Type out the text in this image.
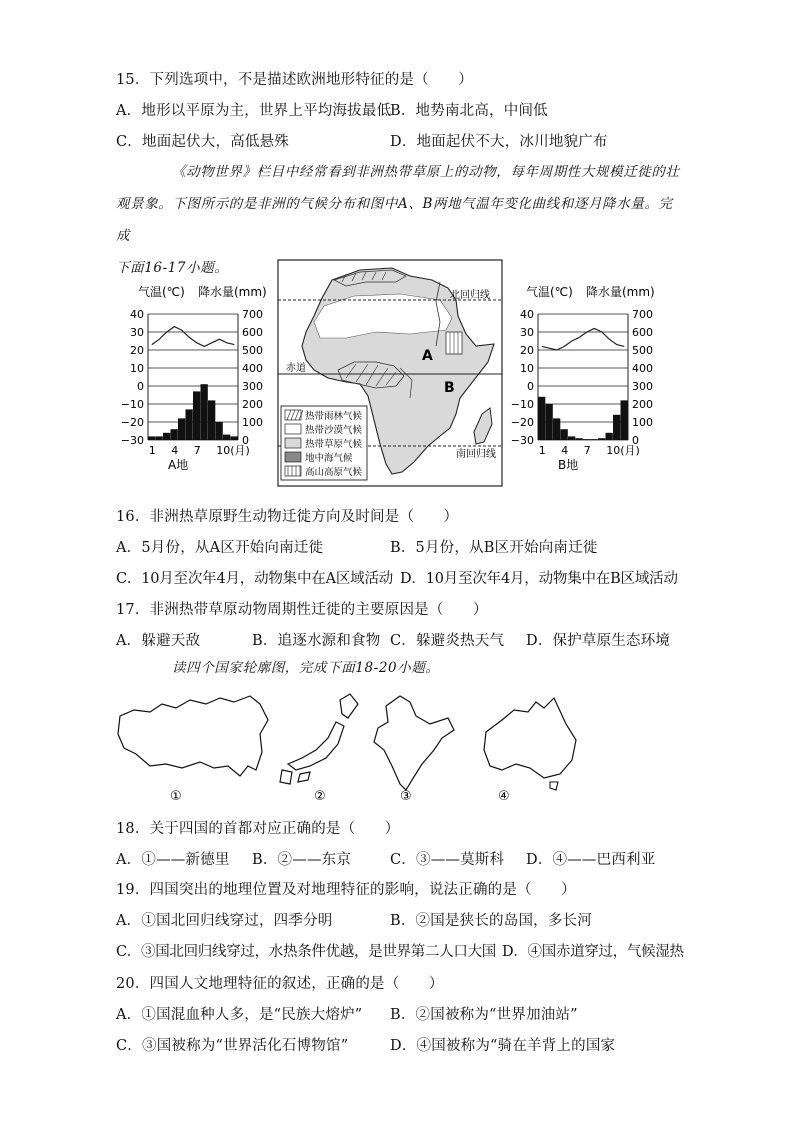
15．下列选项中，不是描述欧洲地形特征的是（　　）
A．地形以平原为主，世界上平均海拔最低
B．地势南北高，中间低
C．地面起伏大，高低悬殊	D．地面起伏不大，冰川地貌广布
《动物世界》栏目中经常看到非洲热带草原上的动物，每年周期性大规模迁徙的壮
观景象。下图所示的是非洲的气候分布和图中A、B两地气温年变化曲线和逐月降水量。完成
下面16-17小题。
气温(℃) 降水量(mm)
40	700
30	600
20	500
10	400
0	300
−10	200
−20	100
−30	0
1 4 7 10(月)
A地
北回归线
赤道
南回归线
A
B
热带雨林气候
热带沙漠气候
热带草原气候
地中海气候
高山高原气候
气温(℃) 降水量(mm)
40	700
30	600
20	500
10	400
0	300
−10	200
−20	100
−30	0
1 4 7 10(月)
B地
16．非洲热草原野生动物迁徙方向及时间是（　　）
A．5月份，从A区开始向南迁徙	B．5月份，从B区开始向南迁徙
C．10月至次年4月，动物集中在A区域活动 D．10月至次年4月，动物集中在B区域活动
17．非洲热带草原动物周期性迁徙的主要原因是（　　）
A．躲避天敌	B．追逐水源和食物 C．躲避炎热天气 D．保护草原生态环境
读四个国家轮廓图，完成下面18-20小题。
①	②	③	④
18．关于四国的首都对应正确的是（　　）
A．①——新德里 B．②——东京	C．③——莫斯科 D．④——巴西利亚
19．四国突出的地理位置及对地理特征的影响，说法正确的是（　　）
A．①国北回归线穿过，四季分明	B．②国是狭长的岛国，多长河
C．③国北回归线穿过，水热条件优越，是世界第二人口大国 D．④国赤道穿过，气候湿热
20．四国人文地理特征的叙述，正确的是（　　）
A．①国混血种人多，是“民族大熔炉” B．②国被称为“世界加油站”
C．③国被称为“世界活化石博物馆”	D．④国被称为“骑在羊背上的国家
